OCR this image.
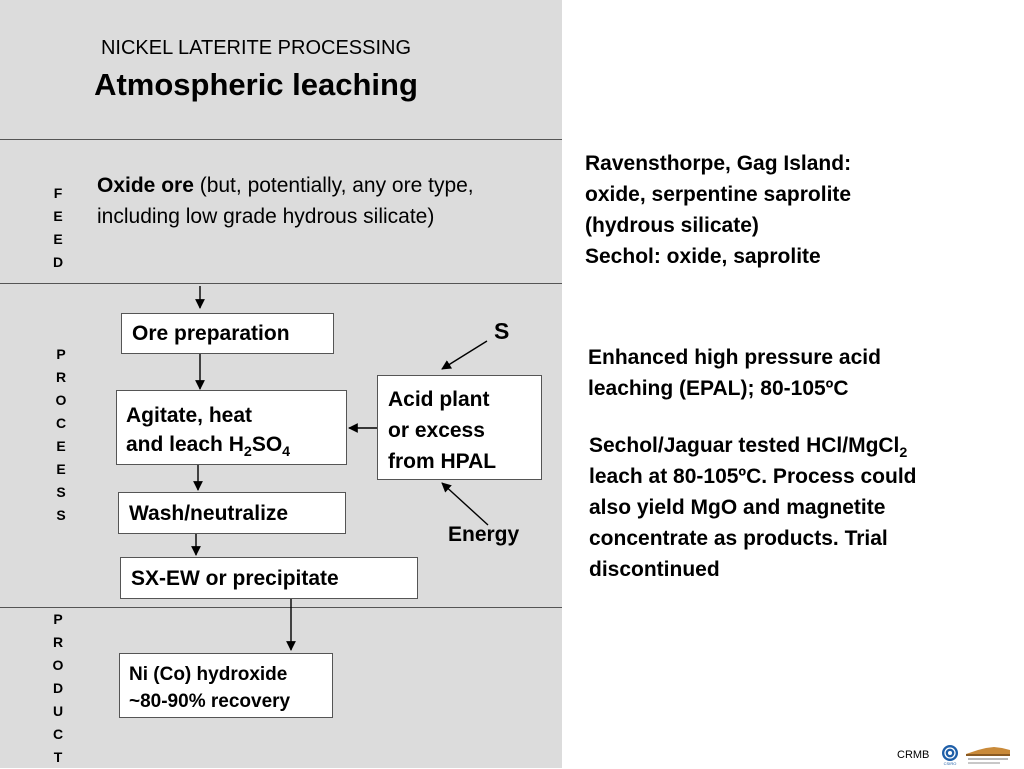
NICKEL LATERITE PROCESSING
Atmospheric leaching
F
E
E
D
P
R
O
C
E
E
S
S
P
R
O
D
U
C
T
Oxide ore (but, potentially, any ore type, including low grade hydrous silicate)
Ore preparation
Agitate, heat
and leach $H_2SO_4$
Wash/neutralize
SX-EW or precipitate
Acid plant
or excess
from HPAL
S
Energy
Ni (Co) hydroxide
~80-90% recovery
Ravensthorpe, Gag Island:
oxide, serpentine saprolite
(hydrous silicate)
Sechol: oxide, saprolite
Enhanced high pressure acid
leaching (EPAL); 80-105ºC
Sechol/Jaguar tested HCl/MgCl$_2$
leach at 80-105ºC. Process could
also yield MgO and magnetite
concentrate as products. Trial
discontinued
CRMB
CSIRO
